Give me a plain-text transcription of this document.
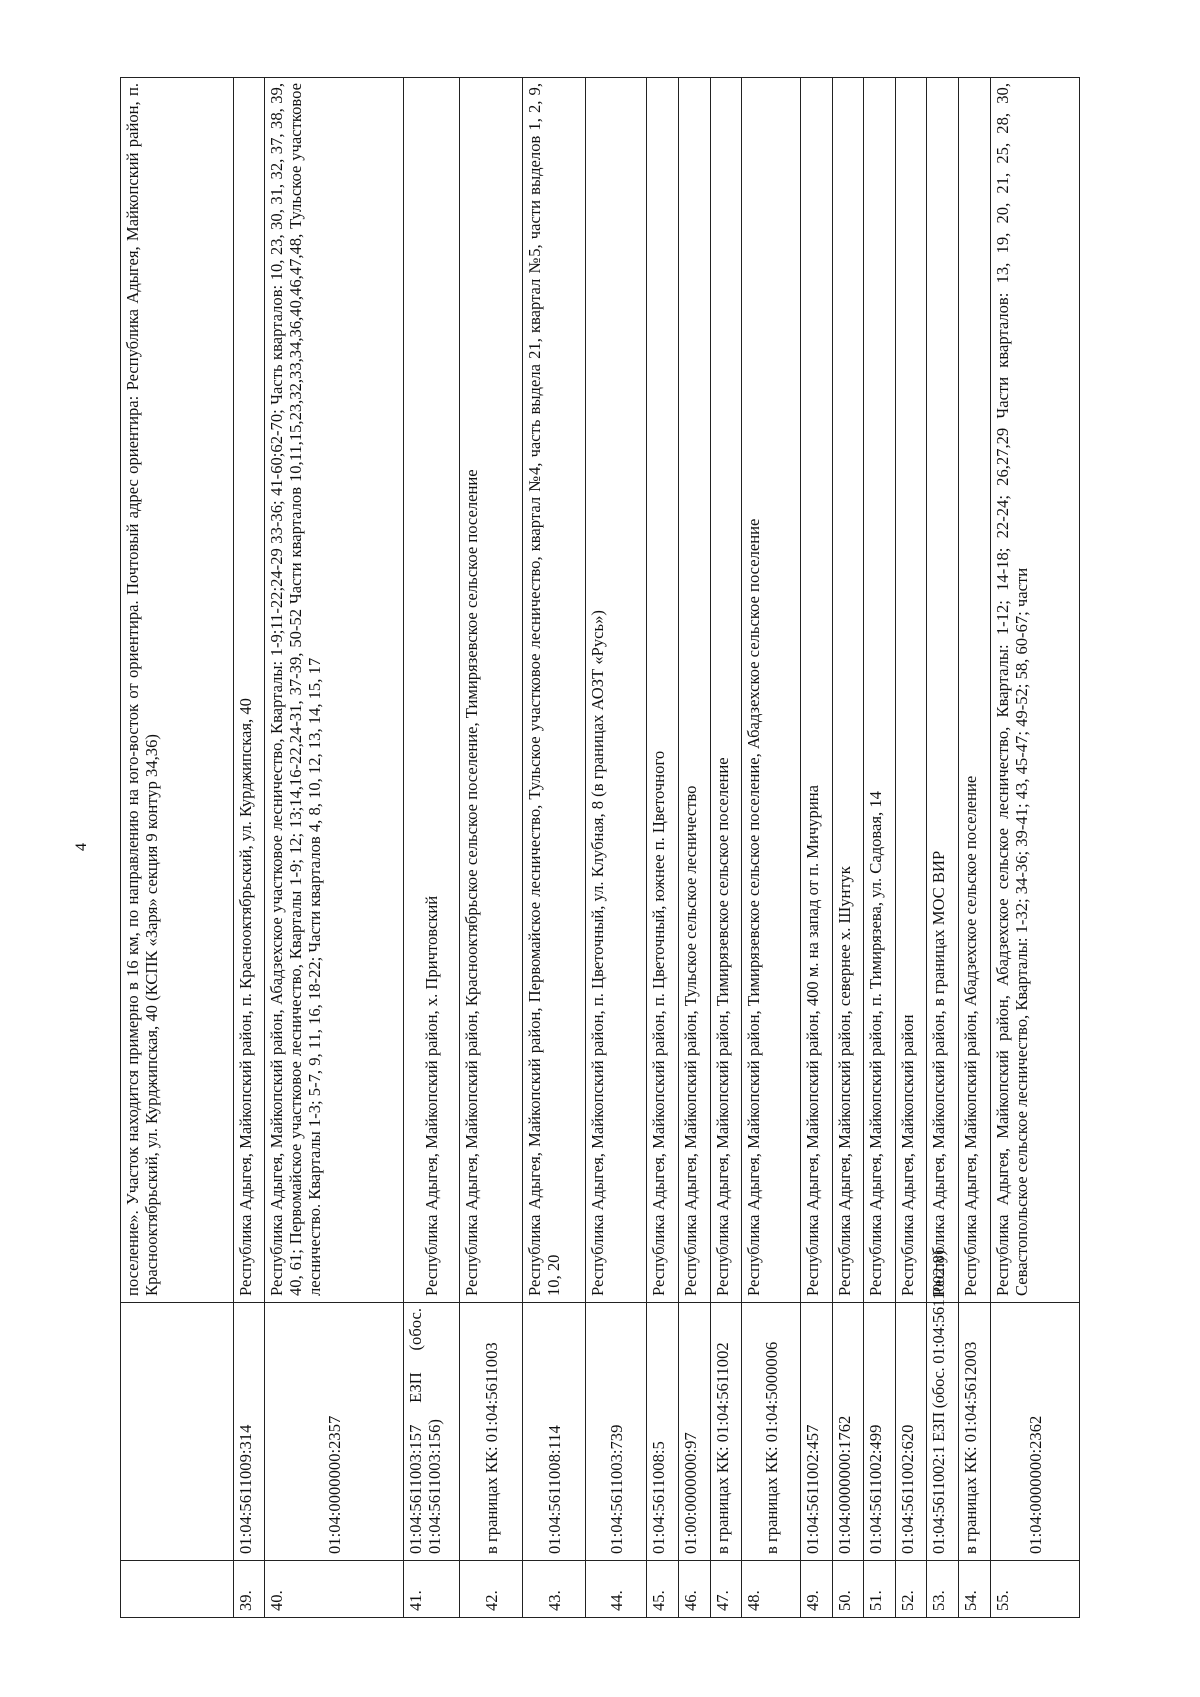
4
		поселение». Участок находится примерно в 16 км, по направлению на юго-восток от ориентира. Почтовый адрес ориентира: Республика Адыгея, Майкопский район, п. Краснооктябрьский, ул. Курджипская, 40 (КСПК «Заря» секция 9 контур 34,36)
39.	01:04:5611009:314	Республика Адыгея, Майкопский район, п. Краснооктябрьский, ул. Курджипская, 40
40.	01:04:0000000:2357	Республика Адыгея, Майкопский район, Абадзехское участковое лесничество, Кварталы: 1-9;11-22;24-29 33-36; 41-60;62-70; Часть кварталов: 10, 23, 30, 31, 32, 37, 38, 39, 40, 61; Первомайское участковое лесничество, Кварталы 1-9; 12; 13;14,16-22,24-31, 37-39, 50-52 Части кварталов 10,11,15,23,32,33,34,36,40,46,47,48, Тульское участковое лесничество. Кварталы 1-3; 5-7, 9, 11, 16, 18-22; Части кварталов 4, 8, 10, 12, 13, 14, 15, 17
41.	01:04:5611003:157 ЕЗП (обос. 01:04:5611003:156)	Республика Адыгея, Майкопский район, х. Причтовский
42.	в границах КК: 01:04:5611003	Республика Адыгея, Майкопский район, Краснооктябрьское сельское поселение, Тимирязевское сельское поселение
43.	01:04:5611008:114	Республика Адыгея, Майкопский район, Первомайское лесничество, Тульское участковое лесничество, квартал №4, часть выдела 21, квартал №5, части выделов 1, 2, 9, 10, 20
44.	01:04:5611003:739	Республика Адыгея, Майкопский район, п. Цветочный, ул. Клубная, 8 (в границах АОЗТ «Русь»)
45.	01:04:5611008:5	Республика Адыгея, Майкопский район, п. Цветочный, южнее п. Цветочного
46.	01:00:0000000:97	Республика Адыгея, Майкопский район, Тульское сельское лесничество
47.	в границах КК: 01:04:5611002	Республика Адыгея, Майкопский район, Тимирязевское сельское поселение
48.	в границах КК: 01:04:5000006	Республика Адыгея, Майкопский район, Тимирязевское сельское поселение, Абадзехское сельское поселение
49.	01:04:5611002:457	Республика Адыгея, Майкопский район, 400 м. на запад от п. Мичурина
50.	01:04:0000000:1762	Республика Адыгея, Майкопский район, севернее х. Шунтук
51.	01:04:5611002:499	Республика Адыгея, Майкопский район, п. Тимирязева, ул. Садовая, 14
52.	01:04:5611002:620	Республика Адыгея, Майкопский район
53.	01:04:5611002:1 ЕЗП (обос. 01:04:5611002:8)	Республика Адыгея, Майкопский район, в границах МОС ВИР
54.	в границах КК: 01:04:5612003	Республика Адыгея, Майкопский район, Абадзехское сельское поселение
55.	01:04:0000000:2362	Республика Адыгея, Майкопский район, Абадзехское сельское лесничество, Кварталы: 1-12; 14-18; 22-24; 26,27,29 Части кварталов: 13, 19, 20, 21, 25, 28, 30, Севастопольское сельское лесничество, Кварталы: 1-32; 34-36; 39-41; 43, 45-47; 49-52; 58, 60-67; части
